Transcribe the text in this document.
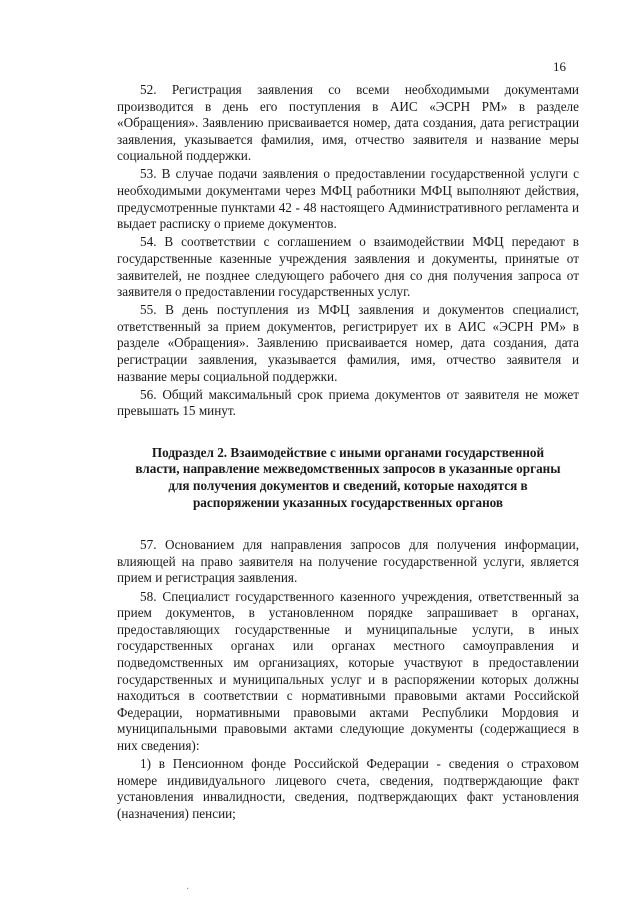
16

52. Регистрация заявления со всеми необходимыми документами производится в день его поступления в АИС «ЭСРН РМ» в разделе «Обращения». Заявлению присваивается номер, дата создания, дата регистрации заявления, указывается фамилия, имя, отчество заявителя и название меры социальной поддержки.

53. В случае подачи заявления о предоставлении государственной услуги с необходимыми документами через МФЦ работники МФЦ выполняют действия, предусмотренные пунктами 42 - 48 настоящего Административного регламента и выдает расписку о приеме документов.

54. В соответствии с соглашением о взаимодействии МФЦ передают в государственные казенные учреждения заявления и документы, принятые от заявителей, не позднее следующего рабочего дня со дня получения запроса от заявителя о предоставлении государственных услуг.

55. В день поступления из МФЦ заявления и документов специалист, ответственный за прием документов, регистрирует их в АИС «ЭСРН РМ» в разделе «Обращения». Заявлению присваивается номер, дата создания, дата регистрации заявления, указывается фамилия, имя, отчество заявителя и название меры социальной поддержки.

56. Общий максимальный срок приема документов от заявителя не может превышать 15 минут.

Подраздел 2. Взаимодействие с иными органами государственной
власти, направление межведомственных запросов в указанные органы
для получения документов и сведений, которые находятся в
распоряжении указанных государственных органов

57. Основанием для направления запросов для получения информации, влияющей на право заявителя на получение государственной услуги, является прием и регистрация заявления.

58. Специалист государственного казенного учреждения, ответственный за прием документов, в установленном порядке запрашивает в органах, предоставляющих государственные и муниципальные услуги, в иных государственных органах или органах местного самоуправления и подведомственных им организациях, которые участвуют в предоставлении государственных и муниципальных услуг и в распоряжении которых должны находиться в соответствии с нормативными правовыми актами Российской Федерации, нормативными правовыми актами Республики Мордовия и муниципальными правовыми актами следующие документы (содержащиеся в них сведения):

1) в Пенсионном фонде Российской Федерации - сведения о страховом номере индивидуального лицевого счета, сведения, подтверждающие факт установления инвалидности, сведения, подтверждающих факт установления (назначения) пенсии;

·
